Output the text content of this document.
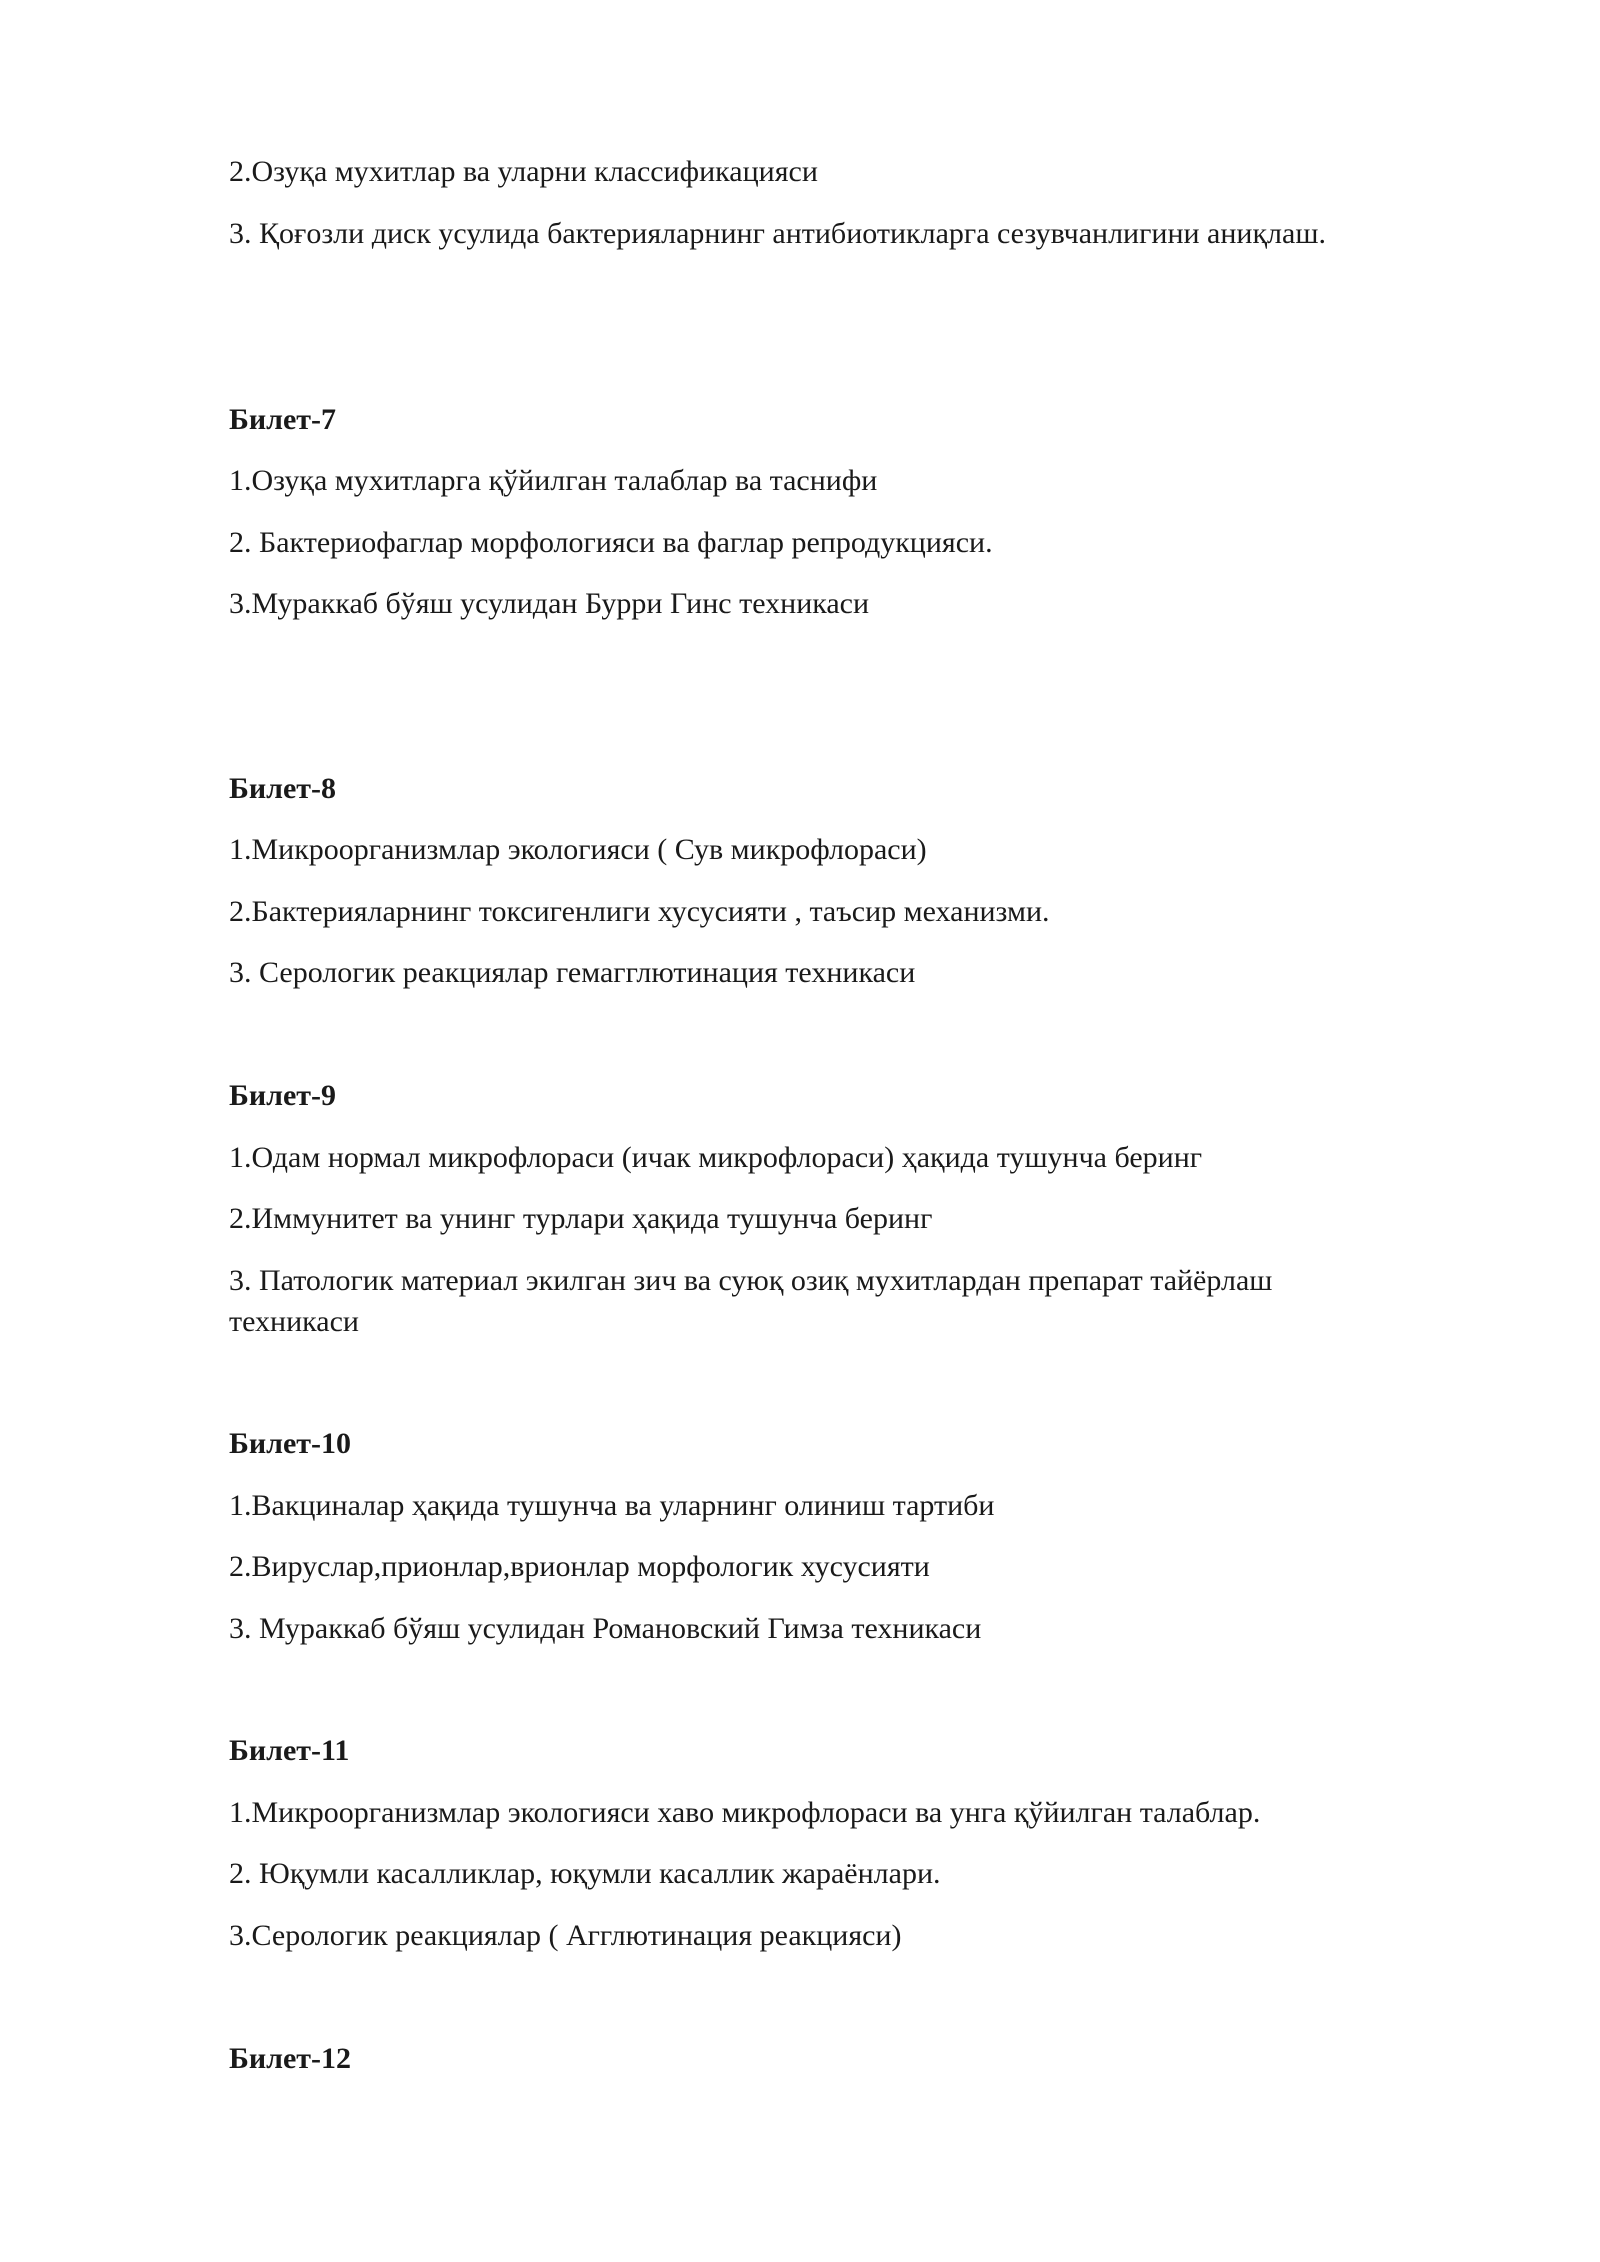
2.Озуқа мухитлар ва уларни классификацияси
3. Қоғозли диск усулида бактерияларнинг антибиотикларга сезувчанлигини аниқлаш.
Билет-7
1.Озуқа мухитларга қўйилган талаблар ва таснифи
2. Бактериофаглар морфологияси ва фаглар репродукцияси.
3.Мураккаб бўяш усулидан Бурри Гинс техникаси
Билет-8
1.Микроорганизмлар экологияси ( Сув микрофлораси)
2.Бактерияларнинг токсигенлиги хусусияти , таъсир механизми.
3. Серологик реакциялар гемагглютинация техникаси
Билет-9
1.Одам нормал микрофлораси (ичак микрофлораси) ҳақида тушунча беринг
2.Иммунитет ва унинг турлари ҳақида тушунча беринг
3. Патологик материал экилган зич ва суюқ озиқ мухитлардан препарат тайёрлаш техникаси
Билет-10
1.Вакциналар ҳақида тушунча ва уларнинг олиниш тартиби
2.Вируслар,прионлар,врионлар морфологик хусусияти
3. Мураккаб бўяш усулидан Романовский Гимза техникаси
Билет-11
1.Микроорганизмлар экологияси хаво микрофлораси ва унга қўйилган талаблар.
2. Юқумли касалликлар, юқумли касаллик жараёнлари.
3.Серологик реакциялар ( Агглютинация реакцияси)
Билет-12
